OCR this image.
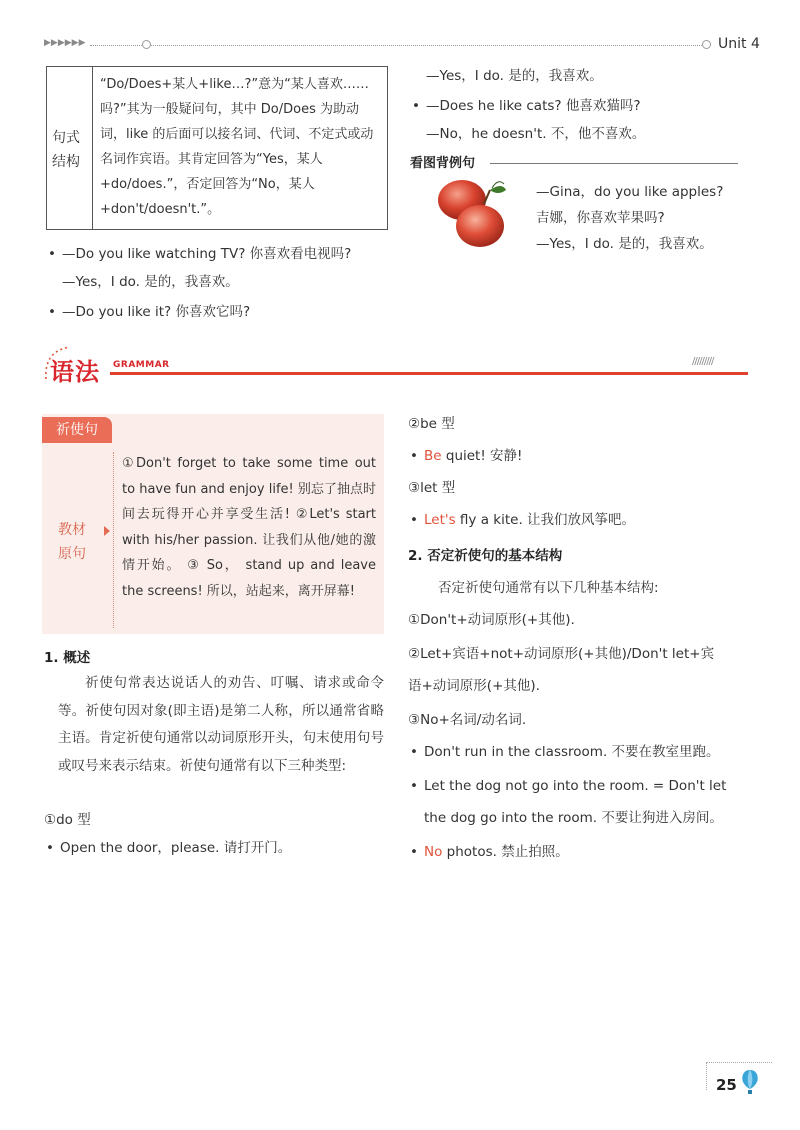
▶▶▶▶▶▶	Unit 4
句式
结构
“Do/Does+某人+like…?”意为“某人喜欢……吗?”其为一般疑问句，其中 Do/Does 为助动词，like 的后面可以接名词、代词、不定式或动名词作宾语。其肯定回答为“Yes，某人+do/does.”，否定回答为“No，某人+don't/doesn't.”。
• —Do you like watching TV? 你喜欢看电视吗?
—Yes，I do. 是的，我喜欢。
• —Do you like it? 你喜欢它吗?
—Yes，I do. 是的，我喜欢。
• —Does he like cats? 他喜欢猫吗?
—No，he doesn't. 不，他不喜欢。
看图背例句
—Gina，do you like apples?
吉娜，你喜欢苹果吗?
—Yes，I do. 是的，我喜欢。
语法 GRAMMAR	/////////
祈使句
教材
原句
①Don't forget to take some time out to have fun and enjoy life! 别忘了抽点时间去玩得开心并享受生活! ②Let's start with his/her passion. 让我们从他/她的激情开始。 ③ So， stand up and leave the screens! 所以，站起来，离开屏幕!
1. 概述
祈使句常表达说话人的劝告、叮嘱、请求或命令等。祈使句因对象(即主语)是第二人称，所以通常省略主语。肯定祈使句通常以动词原形开头，句末使用句号或叹号来表示结束。祈使句通常有以下三种类型:
①do 型
• Open the door，please. 请打开门。
②be 型
• Be quiet! 安静!
③let 型
• Let's fly a kite. 让我们放风筝吧。
2. 否定祈使句的基本结构
否定祈使句通常有以下几种基本结构:
①Don't+动词原形(+其他).
②Let+宾语+not+动词原形(+其他)/Don't let+宾
语+动词原形(+其他).
③No+名词/动名词.
• Don't run in the classroom. 不要在教室里跑。
• Let the dog not go into the room. = Don't let
the dog go into the room. 不要让狗进入房间。
• No photos. 禁止拍照。
25
